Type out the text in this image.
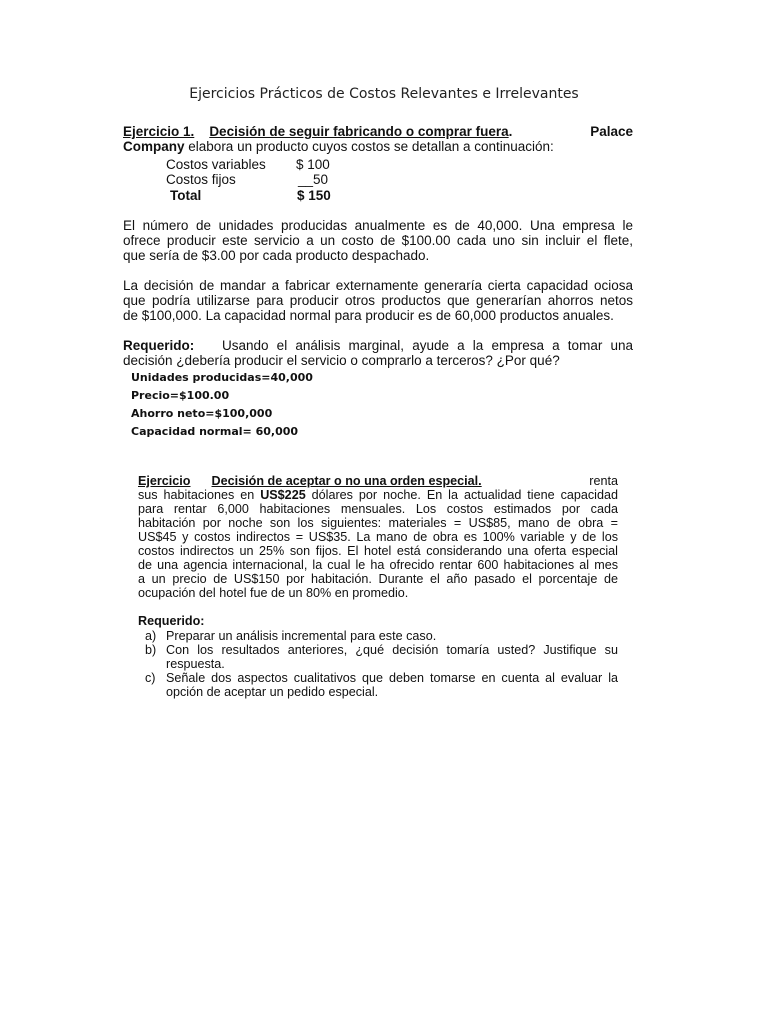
Ejercicios Prácticos de Costos Relevantes e Irrelevantes
Ejercicio 1. Decisión de seguir fabricando o comprar fuera.	Palace
Company elabora un producto cuyos costos se detallan a continuación:
Costos variables $ 100
Costos fijos	__50
Total	$ 150
El número de unidades producidas anualmente es de 40,000. Una empresa le
ofrece producir este servicio a un costo de $100.00 cada uno sin incluir el flete,
que sería de $3.00 por cada producto despachado.
La decisión de mandar a fabricar externamente generaría cierta capacidad ociosa
que podría utilizarse para producir otros productos que generarían ahorros netos
de $100,000. La capacidad normal para producir es de 60,000 productos anuales.
Requerido: Usando el análisis marginal, ayude a la empresa a tomar una
decisión ¿debería producir el servicio o comprarlo a terceros? ¿Por qué?
Unidades producidas=40,000
Precio=$100.00
Ahorro neto=$100,000
Capacidad normal= 60,000
Ejercicio Decisión de aceptar o no una orden especial.	renta
sus habitaciones en US$225 dólares por noche. En la actualidad tiene capacidad
para rentar 6,000 habitaciones mensuales. Los costos estimados por cada
habitación por noche son los siguientes: materiales = US$85, mano de obra =
US$45 y costos indirectos = US$35. La mano de obra es 100% variable y de los
costos indirectos un 25% son fijos. El hotel está considerando una oferta especial
de una agencia internacional, la cual le ha ofrecido rentar 600 habitaciones al mes
a un precio de US$150 por habitación. Durante el año pasado el porcentaje de
ocupación del hotel fue de un 80% en promedio.
Requerido:
a) Preparar un análisis incremental para este caso.
b) Con los resultados anteriores, ¿qué decisión tomaría usted? Justifique su
respuesta.
c) Señale dos aspectos cualitativos que deben tomarse en cuenta al evaluar la
opción de aceptar un pedido especial.
